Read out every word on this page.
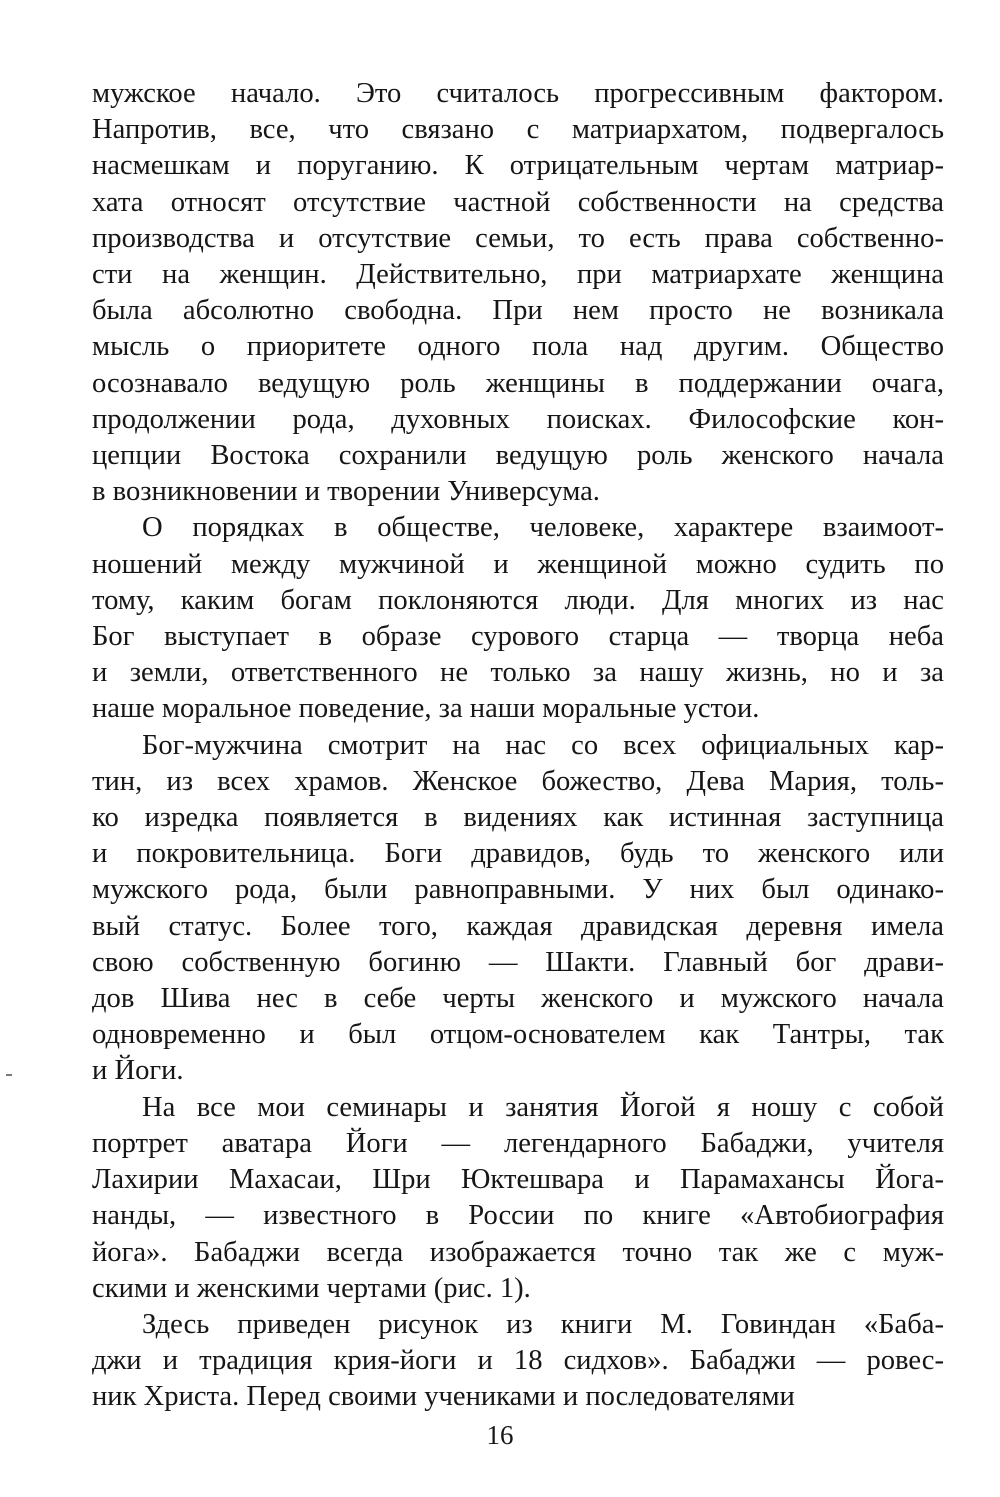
мужское начало. Это считалось прогрессивным фактором.
Напротив, все, что связано с матриархатом, подвергалось
насмешкам и поруганию. К отрицательным чертам матриар-
хата относят отсутствие частной собственности на средства
производства и отсутствие семьи, то есть права собственно-
сти на женщин. Действительно, при матриархате женщина
была абсолютно свободна. При нем просто не возникала
мысль о приоритете одного пола над другим. Общество
осознавало ведущую роль женщины в поддержании очага,
продолжении рода, духовных поисках. Философские кон-
цепции Востока сохранили ведущую роль женского начала
в возникновении и творении Универсума.

О порядках в обществе, человеке, характере взаимоот-
ношений между мужчиной и женщиной можно судить по
тому, каким богам поклоняются люди. Для многих из нас
Бог выступает в образе сурового старца — творца неба
и земли, ответственного не только за нашу жизнь, но и за
наше моральное поведение, за наши моральные устои.

Бог-мужчина смотрит на нас со всех официальных кар-
тин, из всех храмов. Женское божество, Дева Мария, толь-
ко изредка появляется в видениях как истинная заступница
и покровительница. Боги дравидов, будь то женского или
мужского рода, были равноправными. У них был одинако-
вый статус. Более того, каждая дравидская деревня имела
свою собственную богиню — Шакти. Главный бог драви-
дов Шива нес в себе черты женского и мужского начала
одновременно и был отцом-основателем как Тантры, так
и Йоги.

На все мои семинары и занятия Йогой я ношу с собой
портрет аватара Йоги — легендарного Бабаджи, учителя
Лахирии Махасаи, Шри Юктешвара и Парамахансы Йога-
нанды, — известного в России по книге «Автобиография
йога». Бабаджи всегда изображается точно так же с муж-
скими и женскими чертами (рис. 1).

Здесь приведен рисунок из книги М. Говиндан «Баба-
джи и традиция крия-йоги и 18 сидхов». Бабаджи — ровес-
ник Христа. Перед своими учениками и последователями

16
